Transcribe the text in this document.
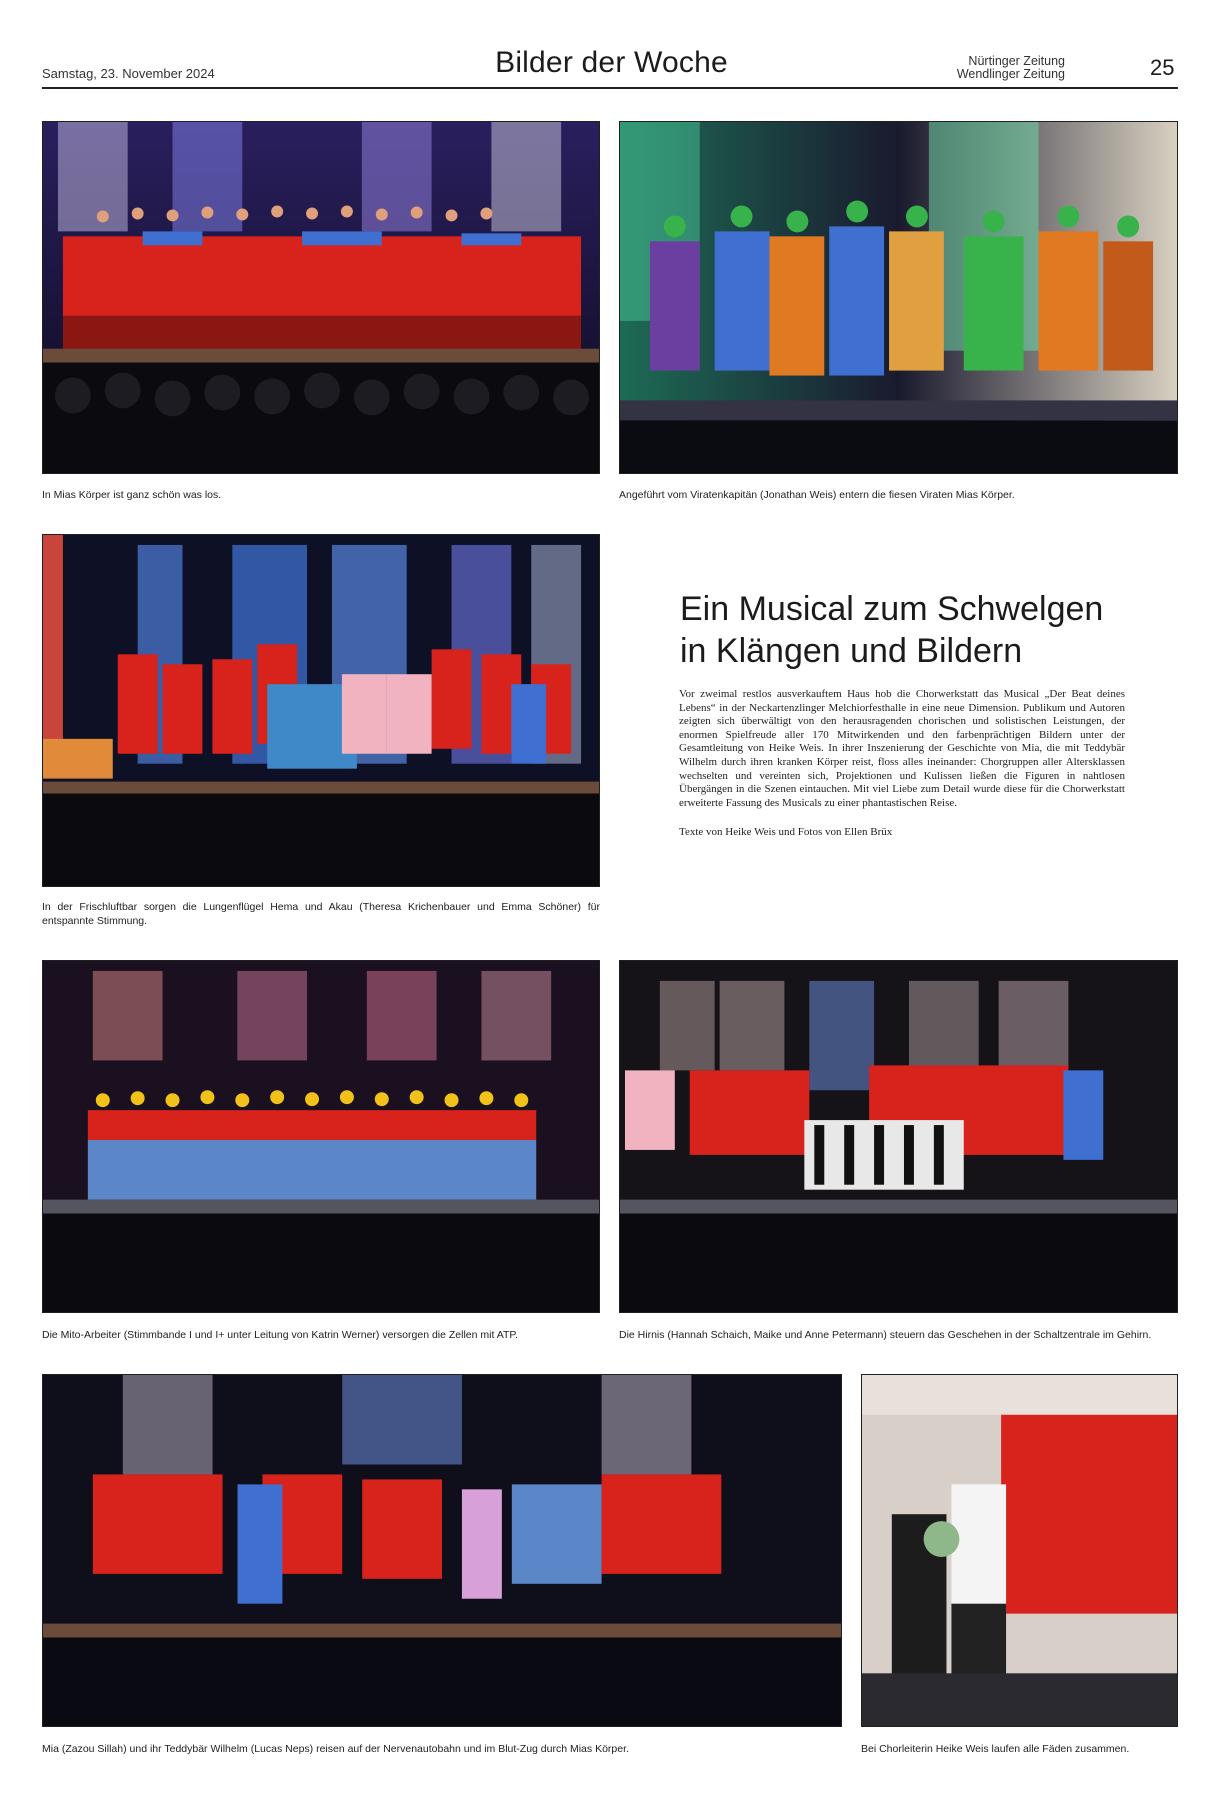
Samstag, 23. November 2024	Bilder der Woche	Nürtinger Zeitung
Wendlinger Zeitung	25
In Mias Körper ist ganz schön was los.	Angeführt vom Viratenkapitän (Jonathan Weis) entern die fiesen Viraten Mias Körper.
In der Frischluftbar sorgen die Lungenflügel Hema und Akau (Theresa Krichenbauer und Emma Schöner) für entspannte Stimmung.
Ein Musical zum Schwelgen
in Klängen und Bildern
Vor zweimal restlos ausverkauftem Haus hob die Chorwerkstatt das Musical „Der Beat deines Lebens“ in der Neckartenzlinger Melchiorfesthalle in eine neue Dimension. Publikum und Autoren zeigten sich überwältigt von den herausragenden chorischen und solistischen Leistungen, der enormen Spielfreude aller 170 Mitwirkenden und den farbenprächtigen Bildern unter der Gesamtleitung von Heike Weis. In ihrer Inszenierung der Geschichte von Mia, die mit Teddybär Wilhelm durch ihren kranken Körper reist, floss alles ineinander: Chorgruppen aller Altersklassen wechselten und vereinten sich, Projektionen und Kulissen ließen die Figuren in nahtlosen Übergängen in die Szenen eintauchen. Mit viel Liebe zum Detail wurde diese für die Chorwerkstatt erweiterte Fassung des Musicals zu einer phantastischen Reise.
Texte von Heike Weis und Fotos von Ellen Brüx
Die Mito-Arbeiter (Stimmbande I und I+ unter Leitung von Katrin Werner) versorgen die Zellen mit ATP.	Die Hirnis (Hannah Schaich, Maike und Anne Petermann) steuern das Geschehen in der Schaltzentrale im Gehirn.
Mia (Zazou Sillah) und ihr Teddybär Wilhelm (Lucas Neps) reisen auf der Nervenautobahn und im Blut-Zug durch Mias Körper.	Bei Chorleiterin Heike Weis laufen alle Fäden zusammen.
